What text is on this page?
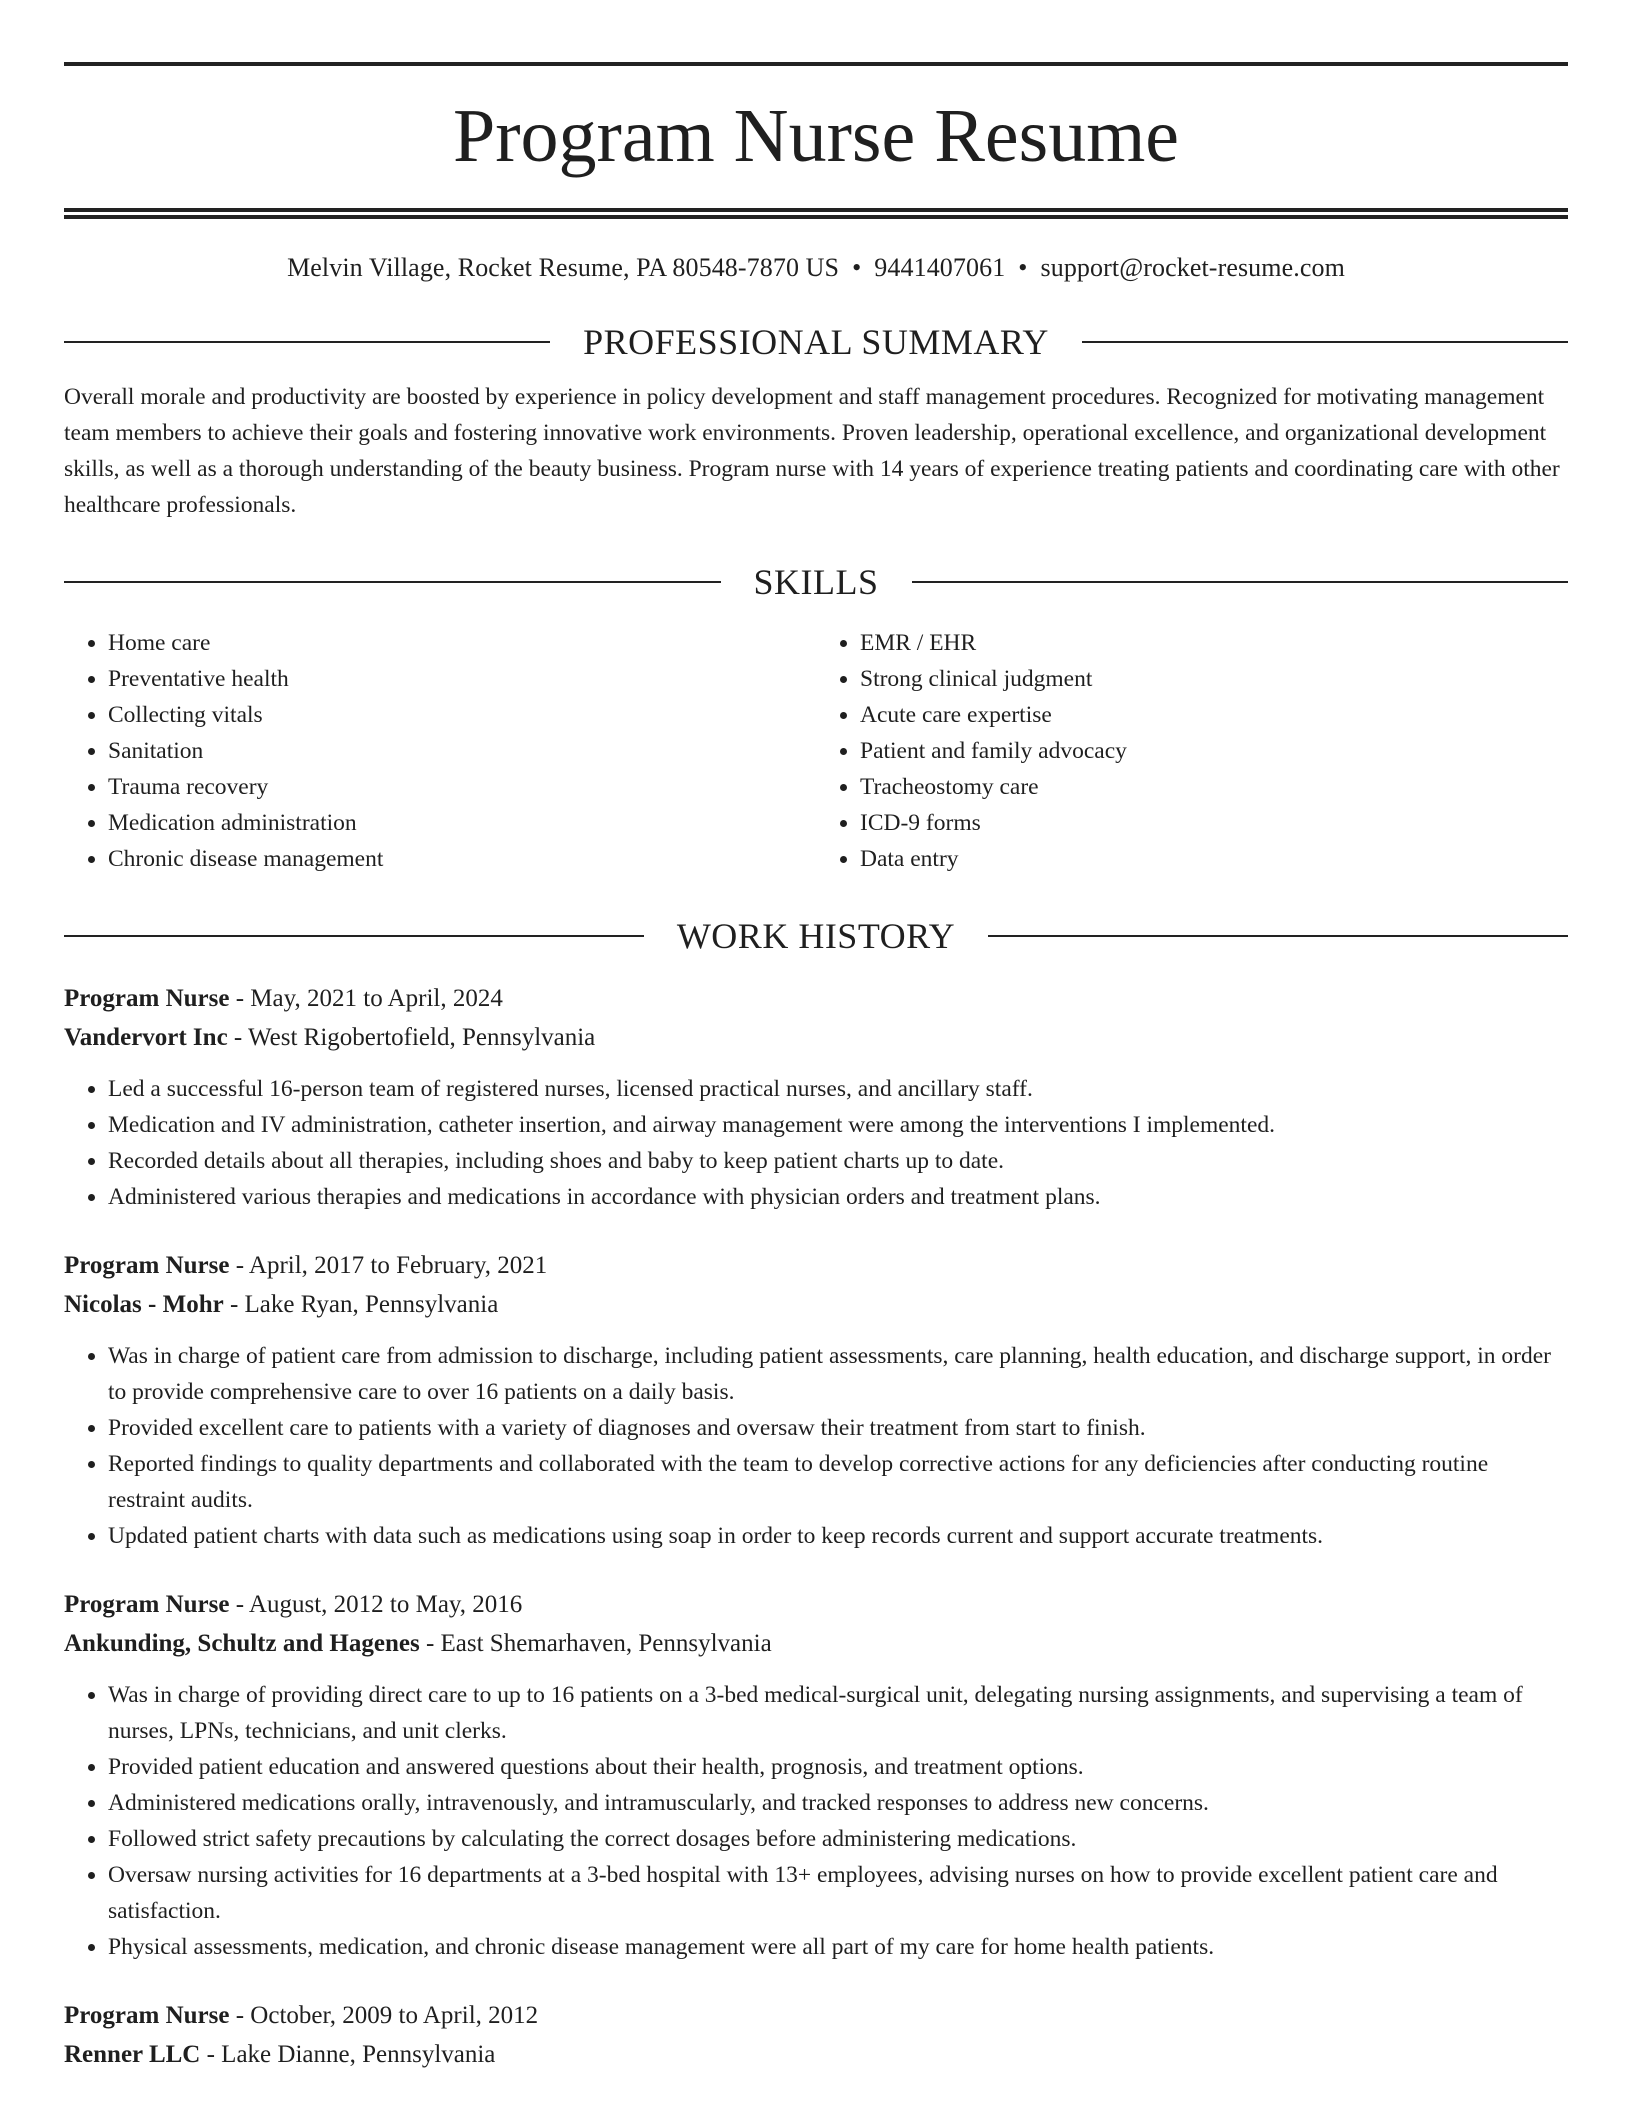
Program Nurse Resume
Melvin Village, Rocket Resume, PA 80548-7870 US • 9441407061 • support@rocket-resume.com
PROFESSIONAL SUMMARY
Overall morale and productivity are boosted by experience in policy development and staff management procedures. Recognized for motivating management team members to achieve their goals and fostering innovative work environments. Proven leadership, operational excellence, and organizational development skills, as well as a thorough understanding of the beauty business. Program nurse with 14 years of experience treating patients and coordinating care with other healthcare professionals.
SKILLS
• Home care
• Preventative health
• Collecting vitals
• Sanitation
• Trauma recovery
• Medication administration
• Chronic disease management
• EMR / EHR
• Strong clinical judgment
• Acute care expertise
• Patient and family advocacy
• Tracheostomy care
• ICD-9 forms
• Data entry
WORK HISTORY
Program Nurse - May, 2021 to April, 2024
Vandervort Inc - West Rigobertofield, Pennsylvania
• Led a successful 16-person team of registered nurses, licensed practical nurses, and ancillary staff.
• Medication and IV administration, catheter insertion, and airway management were among the interventions I implemented.
• Recorded details about all therapies, including shoes and baby to keep patient charts up to date.
• Administered various therapies and medications in accordance with physician orders and treatment plans.
Program Nurse - April, 2017 to February, 2021
Nicolas - Mohr - Lake Ryan, Pennsylvania
• Was in charge of patient care from admission to discharge, including patient assessments, care planning, health education, and discharge support, in order to provide comprehensive care to over 16 patients on a daily basis.
• Provided excellent care to patients with a variety of diagnoses and oversaw their treatment from start to finish.
• Reported findings to quality departments and collaborated with the team to develop corrective actions for any deficiencies after conducting routine restraint audits.
• Updated patient charts with data such as medications using soap in order to keep records current and support accurate treatments.
Program Nurse - August, 2012 to May, 2016
Ankunding, Schultz and Hagenes - East Shemarhaven, Pennsylvania
• Was in charge of providing direct care to up to 16 patients on a 3-bed medical-surgical unit, delegating nursing assignments, and supervising a team of nurses, LPNs, technicians, and unit clerks.
• Provided patient education and answered questions about their health, prognosis, and treatment options.
• Administered medications orally, intravenously, and intramuscularly, and tracked responses to address new concerns.
• Followed strict safety precautions by calculating the correct dosages before administering medications.
• Oversaw nursing activities for 16 departments at a 3-bed hospital with 13+ employees, advising nurses on how to provide excellent patient care and satisfaction.
• Physical assessments, medication, and chronic disease management were all part of my care for home health patients.
Program Nurse - October, 2009 to April, 2012
Renner LLC - Lake Dianne, Pennsylvania
